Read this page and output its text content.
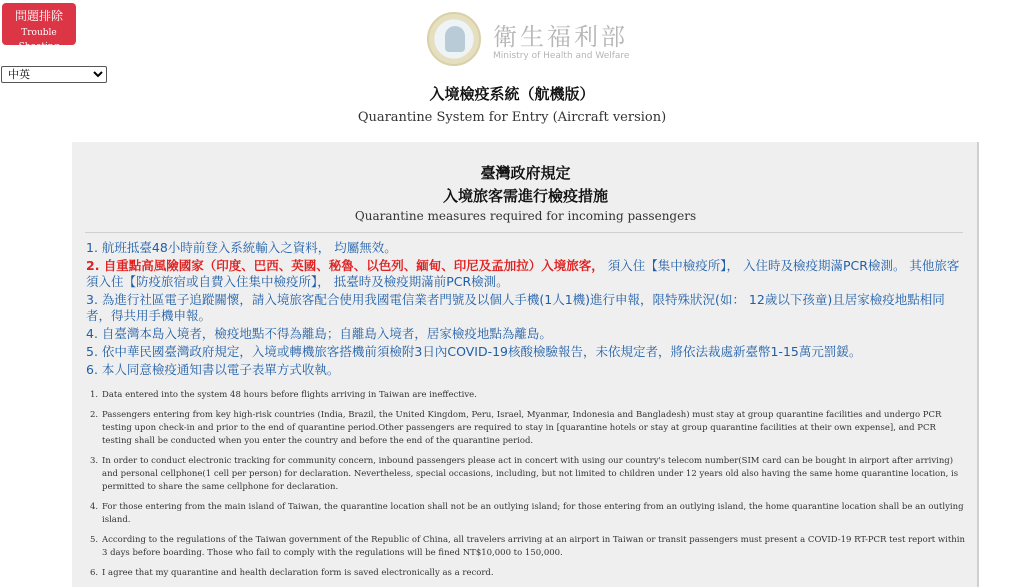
問題排除
Trouble Shooting
中英	衛生福利部
Ministry of Health and Welfare
入境檢疫系統（航機版）
Quarantine System for Entry (Aircraft version)
臺灣政府規定
入境旅客需進行檢疫措施
Quarantine measures required for incoming passengers
1. 航班抵臺48小時前登入系統輸入之資料， 均屬無效。
2. 自重點高風險國家（印度、巴西、英國、秘魯、以色列、緬甸、印尼及孟加拉）入境旅客， 須入住【集中檢疫所】， 入住時及檢疫期滿PCR檢測。 其他旅客須入住【防疫旅宿或自費入住集中檢疫所】， 抵臺時及檢疫期滿前PCR檢測。
3. 為進行社區電子追蹤關懷，請入境旅客配合使用我國電信業者門號及以個人手機(1人1機)進行申報，限特殊狀況(如： 12歲以下孩童)且居家檢疫地點相同者，得共用手機申報。
4. 自臺灣本島入境者，檢疫地點不得為離島；自離島入境者，居家檢疫地點為離島。
5. 依中華民國臺灣政府規定，入境或轉機旅客搭機前須檢附3日內COVID-19核酸檢驗報告，未依規定者，將依法裁處新臺幣1-15萬元罰鍰。
6. 本人同意檢疫通知書以電子表單方式收執。
1. Data entered into the system 48 hours before flights arriving in Taiwan are ineffective.
2. Passengers entering from key high-risk countries (India, Brazil, the United Kingdom, Peru, Israel, Myanmar, Indonesia and Bangladesh) must stay at group quarantine facilities and undergo PCR testing upon check-in and prior to the end of quarantine period.Other passengers are required to stay in [quarantine hotels or stay at group quarantine facilities at their own expense], and PCR testing shall be conducted when you enter the country and before the end of the quarantine period.
3. In order to conduct electronic tracking for community concern, inbound passengers please act in concert with using our country's telecom number(SIM card can be bought in airport after arriving) and personal cellphone(1 cell per person) for declaration. Nevertheless, special occasions, including, but not limited to children under 12 years old also having the same home quarantine location, is permitted to share the same cellphone for declaration.
4. For those entering from the main island of Taiwan, the quarantine location shall not be an outlying island; for those entering from an outlying island, the home quarantine location shall be an outlying island.
5. According to the regulations of the Taiwan government of the Republic of China, all travelers arriving at an airport in Taiwan or transit passengers must present a COVID-19 RT-PCR test report within 3 days before boarding. Those who fail to comply with the regulations will be fined NT$10,000 to 150,000.
6. I agree that my quarantine and health declaration form is saved electronically as a record.
